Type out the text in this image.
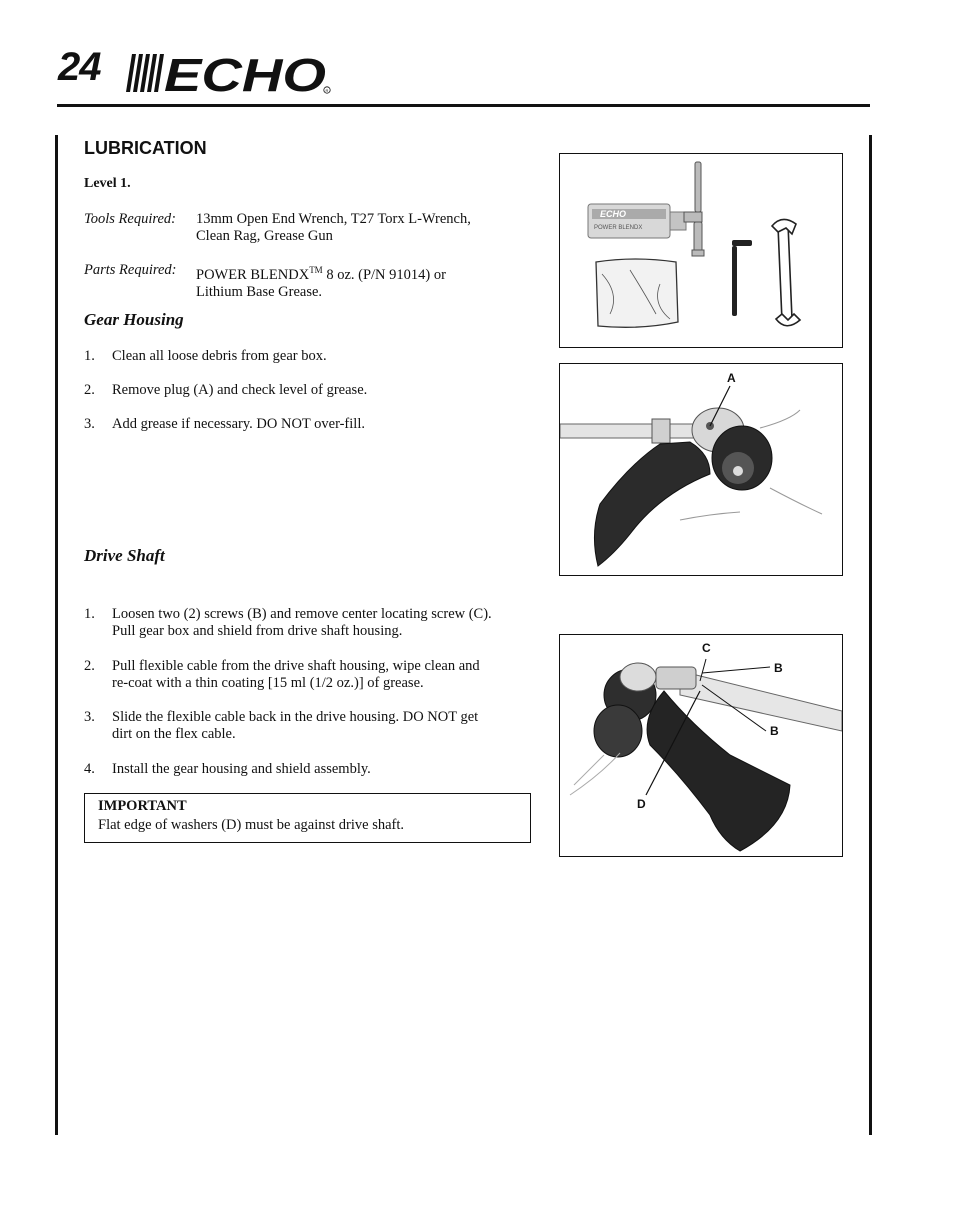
24 ECHO R
LUBRICATION
Level 1.
Tools Required: 13mm Open End Wrench, T27 Torx L-Wrench,
Clean Rag, Grease Gun
Parts Required: POWER BLENDX™ 8 oz. (P/N 91014) or
Lithium Base Grease.
Gear Housing
1. Clean all loose debris from gear box.
2. Remove plug (A) and check level of grease.
3. Add grease if necessary. DO NOT over-fill.
Drive Shaft
1. Loosen two (2) screws (B) and remove center locating screw (C).
Pull gear box and shield from drive shaft housing.
2. Pull flexible cable from the drive shaft housing, wipe clean and
re-coat with a thin coating [15 ml (1/2 oz.)] of grease.
3. Slide the flexible cable back in the drive housing. DO NOT get
dirt on the flex cable.
4. Install the gear housing and shield assembly.
IMPORTANT
Flat edge of washers (D) must be against drive shaft.
ECHO
POWER BLENDX
A
C
B
B
D
